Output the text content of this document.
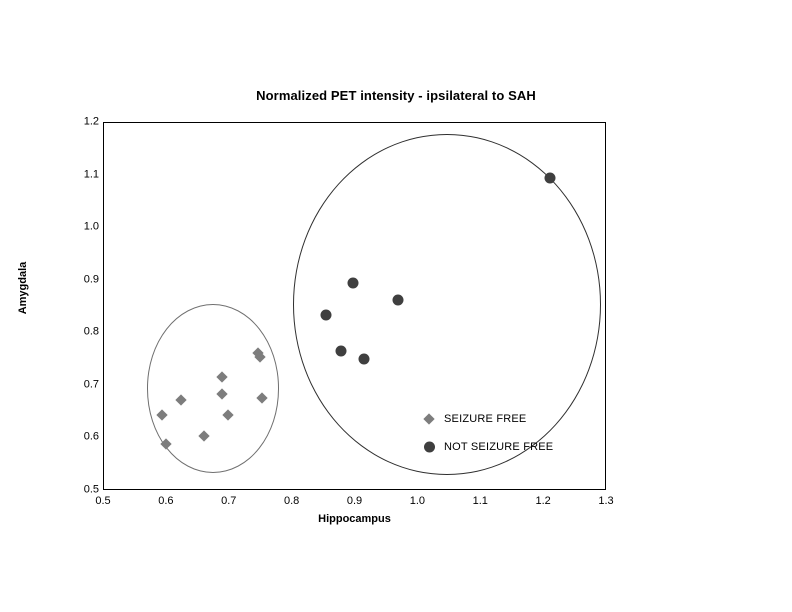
Normalized PET intensity - ipsilateral to SAH
Amygdala
Hippocampus
0.5
0.6
0.7
0.8
0.9
1.0
1.1
1.2
0.5	0.6	0.7	0.8	0.9	1.0	1.1	1.2	1.3
SEIZURE FREE
NOT SEIZURE FREE
